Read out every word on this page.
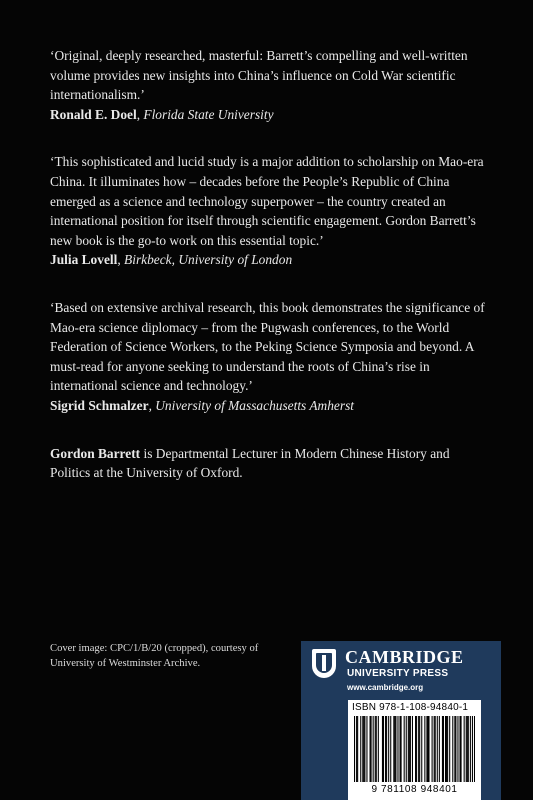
‘Original, deeply researched, masterful: Barrett’s compelling and well-written volume provides new insights into China’s influence on Cold War scientific internationalism.’

Ronald E. Doel, Florida State University

‘This sophisticated and lucid study is a major addition to scholarship on Mao-era China. It illuminates how – decades before the People’s Republic of China emerged as a science and technology superpower – the country created an international position for itself through scientific engagement. Gordon Barrett’s new book is the go-to work on this essential topic.’

Julia Lovell, Birkbeck, University of London

‘Based on extensive archival research, this book demonstrates the significance of Mao-era science diplomacy – from the Pugwash conferences, to the World Federation of Science Workers, to the Peking Science Symposia and beyond. A must-read for anyone seeking to understand the roots of China’s rise in international science and technology.’

Sigrid Schmalzer, University of Massachusetts Amherst

Gordon Barrett is Departmental Lecturer in Modern Chinese History and Politics at the University of Oxford.

Cover image: CPC/1/B/20 (cropped), courtesy of University of Westminster Archive.	CAMBRIDGE
UNIVERSITY PRESS
www.cambridge.org
ISBN 978-1-108-94840-1
9 781108 948401
